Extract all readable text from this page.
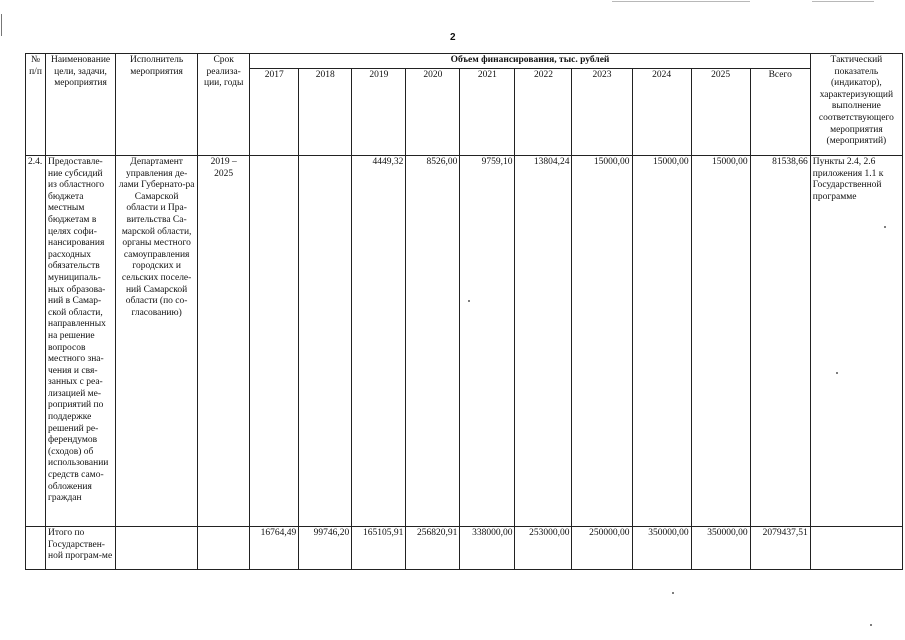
2
№ п/п	Наименование цели, задачи, мероприятия	Исполнитель мероприятия	Срок реализа-ции, годы	Объем финансирования, тыс. рублей										Тактический показатель (индикатор), характеризующий выполнение соответствующего мероприятия (мероприятий)
				2017	2018	2019	2020	2021	2022	2023	2024	2025	Всего	
2.4.	Предоставле-ние субсидий из областного бюджета местным бюджетам в целях софи-нансирования расходных обязательств муниципаль-ных образова-ний в Самар-ской области, направленных на решение вопросов местного зна-чения и свя-занных с реа-лизацией ме-роприятий по поддержке решений ре-ферендумов (сходов) об использовании средств само-обложения граждан	Департамент управления де-лами Губернато-ра Самарской области и Пра-вительства Са-марской области, органы местного самоуправления городских и сельских поселе-ний Самарской области (по со-гласованию)	2019 – 2025			4449,32	8526,00	9759,10	13804,24	15000,00	15000,00	15000,00	81538,66	Пункты 2.4, 2.6 приложения 1.1 к Государственной программе
	Итого по Государствен-ной програм-ме			16764,49	99746,20	165105,91	256820,91	338000,00	253000,00	250000,00	350000,00	350000,00	2079437,51	
